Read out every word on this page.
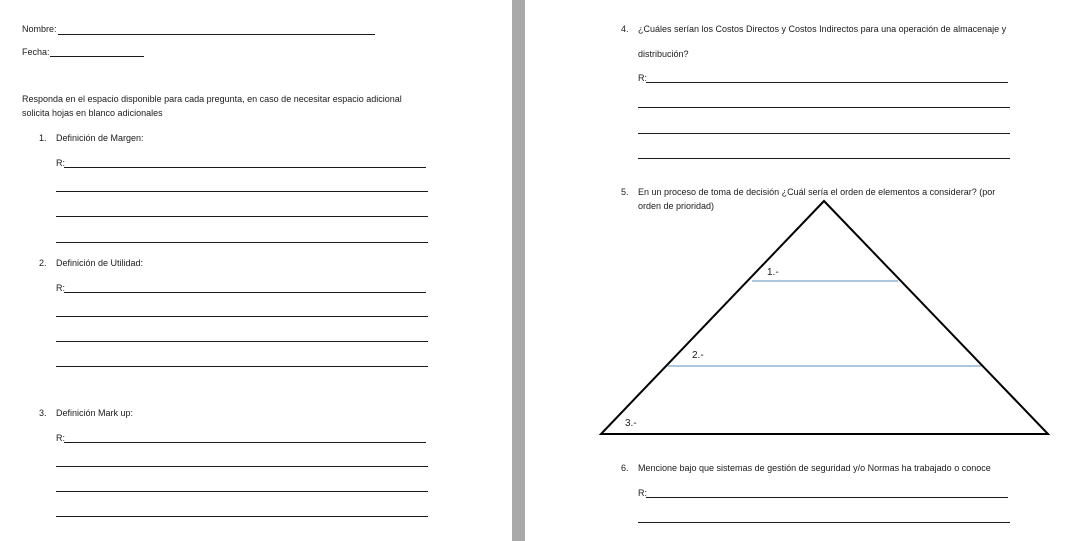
Nombre:
Fecha:
Responda en el espacio disponible para cada pregunta, en caso de necesitar espacio adicional
solicita hojas en blanco adicionales
1. Definición de Margen:
R:
2. Definición de Utilidad:
R:
3. Definición Mark up:
R:
4. ¿Cuáles serían los Costos Directos y Costos Indirectos para una operación de almacenaje y
distribución?
R:
5. En un proceso de toma de decisión ¿Cuál sería el orden de elementos a considerar? (por
orden de prioridad)
1.-
2.-
3.-
6. Mencione bajo que sistemas de gestión de seguridad y/o Normas ha trabajado o conoce
R:
